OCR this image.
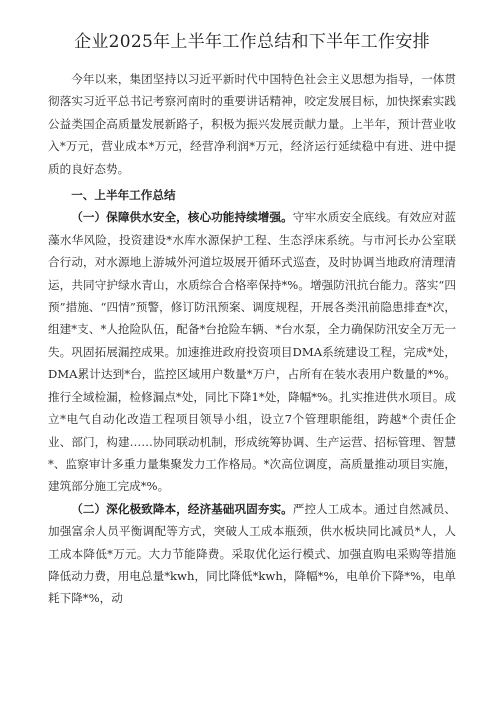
企业2025年上半年工作总结和下半年工作安排

今年以来，集团坚持以习近平新时代中国特色社会主义思想为指导，一体贯彻落实习近平总书记考察河南时的重要讲话精神，咬定发展目标，加快探索实践公益类国企高质量发展新路子，积极为振兴发展贡献力量。上半年，预计营业收入*万元，营业成本*万元，经营净利润*万元，经济运行延续稳中有进、进中提质的良好态势。

一、上半年工作总结

（一）保障供水安全，核心功能持续增强。守牢水质安全底线。有效应对蓝藻水华风险，投资建设*水库水源保护工程、生态浮床系统。与市河长办公室联合行动，对水源地上游城外河道垃圾展开循环式巡查，及时协调当地政府清理清运，共同守护绿水青山，水质综合合格率保持*%。增强防汛抗台能力。落实“四预”措施、“四情”预警，修订防汛预案、调度规程，开展各类汛前隐患排查*次，组建*支、*人抢险队伍，配备*台抢险车辆、*台水泵，全力确保防汛安全万无一失。巩固拓展漏控成果。加速推进政府投资项目DMA系统建设工程，完成*处，DMA累计达到*台，监控区域用户数量*万户，占所有在装水表用户数量的*%。推行全域检漏，检修漏点*处，同比下降1*处，降幅*%。扎实推进供水项目。成立*电气自动化改造工程项目领导小组，设立7个管理职能组，跨越*个责任企业、部门，构建……协同联动机制，形成统筹协调、生产运营、招标管理、智慧*、监察审计多重力量集聚发力工作格局。*次高位调度，高质量推动项目实施，建筑部分施工完成*%。

（二）深化极致降本，经济基础巩固夯实。严控人工成本。通过自然减员、加强富余人员平衡调配等方式，突破人工成本瓶颈，供水板块同比减员*人，人工成本降低*万元。大力节能降费。采取优化运行模式、加强直购电采购等措施降低动力费，用电总量*kwh，同比降低*kwh，降幅*%，电单价下降*%，电单耗下降*%，动
